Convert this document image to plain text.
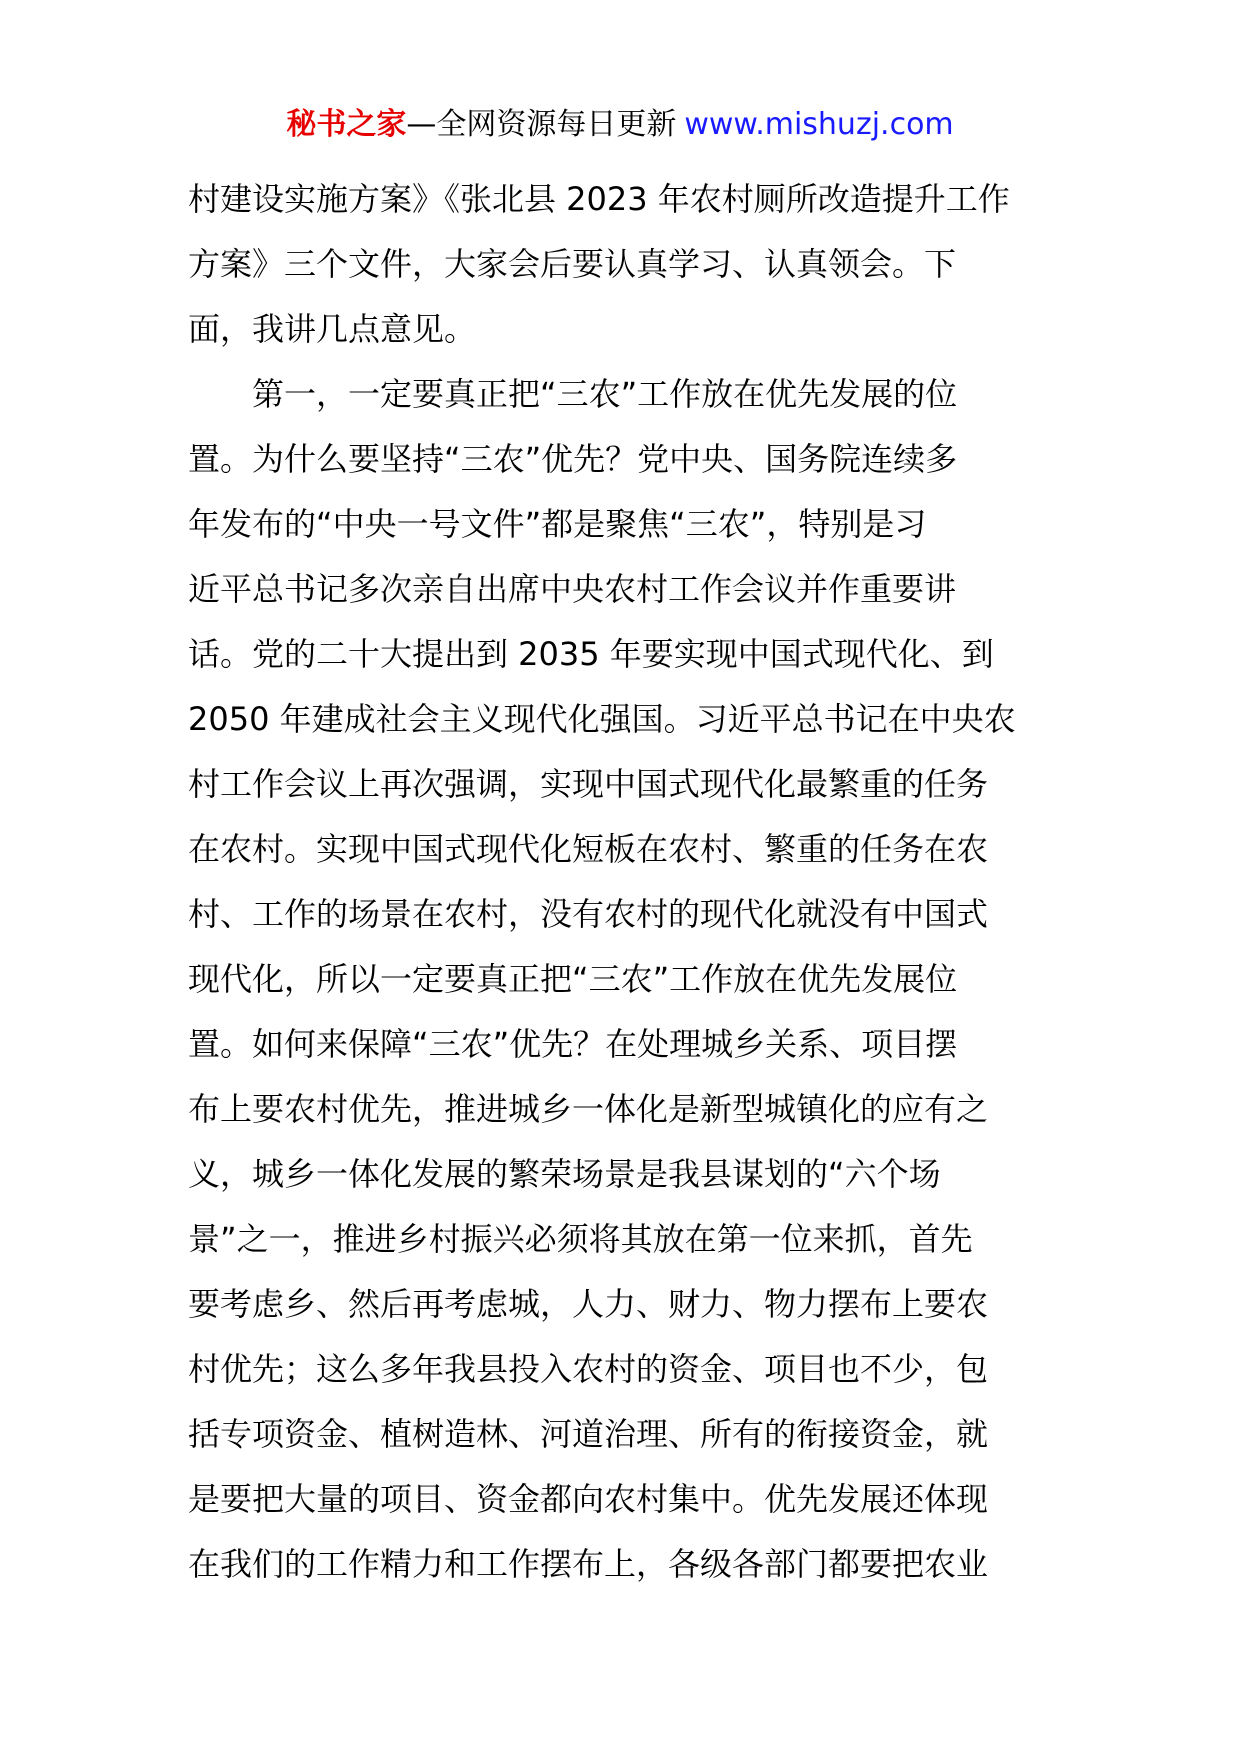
秘书之家—全网资源每日更新 www.mishuzj.com
村建设实施方案》《张北县 2023 年农村厕所改造提升工作
方案》三个文件，大家会后要认真学习、认真领会。下
面，我讲几点意见。
　　第一，一定要真正把“三农”工作放在优先发展的位
置。为什么要坚持“三农”优先？党中央、国务院连续多
年发布的“中央一号文件”都是聚焦“三农”，特别是习
近平总书记多次亲自出席中央农村工作会议并作重要讲
话。党的二十大提出到 2035 年要实现中国式现代化、到
2050 年建成社会主义现代化强国。习近平总书记在中央农
村工作会议上再次强调，实现中国式现代化最繁重的任务
在农村。实现中国式现代化短板在农村、繁重的任务在农
村、工作的场景在农村，没有农村的现代化就没有中国式
现代化，所以一定要真正把“三农”工作放在优先发展位
置。如何来保障“三农”优先？在处理城乡关系、项目摆
布上要农村优先，推进城乡一体化是新型城镇化的应有之
义，城乡一体化发展的繁荣场景是我县谋划的“六个场
景”之一，推进乡村振兴必须将其放在第一位来抓，首先
要考虑乡、然后再考虑城，人力、财力、物力摆布上要农
村优先；这么多年我县投入农村的资金、项目也不少，包
括专项资金、植树造林、河道治理、所有的衔接资金，就
是要把大量的项目、资金都向农村集中。优先发展还体现
在我们的工作精力和工作摆布上，各级各部门都要把农业
